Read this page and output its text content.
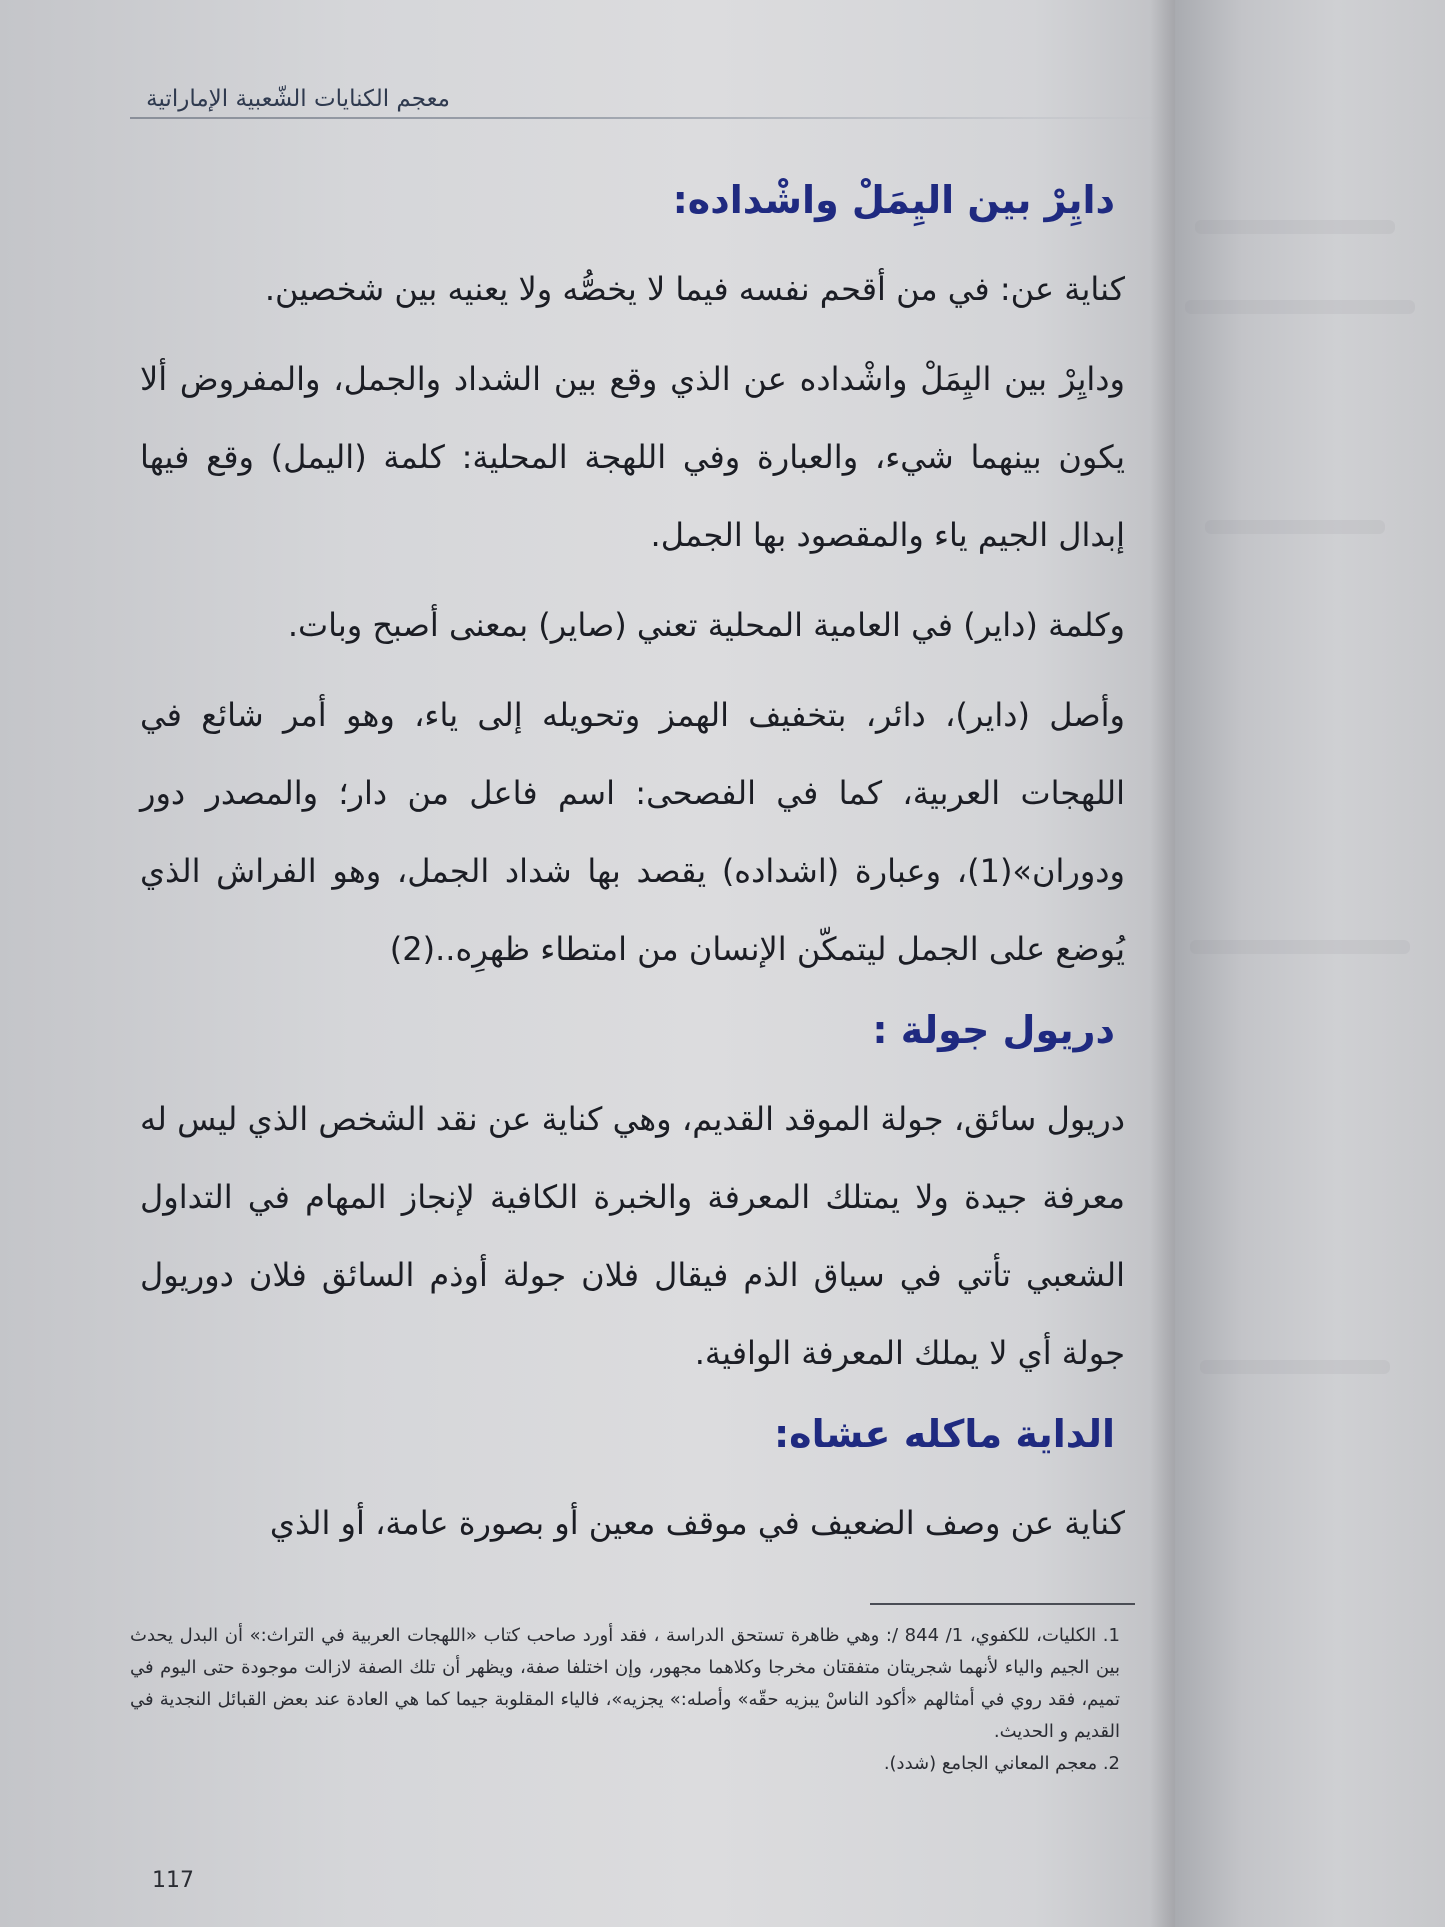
معجم الكنايات الشّعبية الإماراتية
دايِرْ بين اليِمَلْ واشْداده:

كناية عن: في من أقحم نفسه فيما لا يخصُّه ولا يعنيه بين شخصين.

ودايِرْ بين اليِمَلْ واشْداده عن الذي وقع بين الشداد والجمل، والمفروض ألا يكون بينهما شيء، والعبارة وفي اللهجة المحلية: كلمة (اليمل) وقع فيها إبدال الجيم ياء والمقصود بها الجمل.

وكلمة (داير) في العامية المحلية تعني (صاير) بمعنى أصبح وبات.

وأصل (داير)، دائر، بتخفيف الهمز وتحويله إلى ياء، وهو أمر شائع في اللهجات العربية، كما في الفصحى: اسم فاعل من دار؛ والمصدر دور ودوران»(1)، وعبارة (اشداده) يقصد بها شداد الجمل، وهو الفراش الذي يُوضع على الجمل ليتمكّن الإنسان من امتطاء ظهرِه..(2)

دريول جولة :

دريول سائق، جولة الموقد القديم، وهي كناية عن نقد الشخص الذي ليس له معرفة جيدة ولا يمتلك المعرفة والخبرة الكافية لإنجاز المهام في التداول الشعبي تأتي في سياق الذم فيقال فلان جولة أوذم السائق فلان دوريول جولة أي لا يملك المعرفة الوافية.

الداية ماكله عشاه:

كناية عن وصف الضعيف في موقف معين أو بصورة عامة، أو الذي

1. الكليات، للكفوي، 1/ 844 /: وهي ظاهرة تستحق الدراسة ، فقد أورد صاحب كتاب «اللهجات العربية في التراث:» أن البدل يحدث بين الجيم والياء لأنهما شجريتان متفقتان مخرجا وكلاهما مجهور، وإن اختلفا صفة، ويظهر أن تلك الصفة لازالت موجودة حتى اليوم في تميم، فقد روي في أمثالهم «أكود الناسْ يبزيه حقّه» وأصله:» يجزيه»، فالياء المقلوبة جيما كما هي العادة عند بعض القبائل النجدية في القديم و الحديث.

2. معجم المعاني الجامع (شدد).

117
